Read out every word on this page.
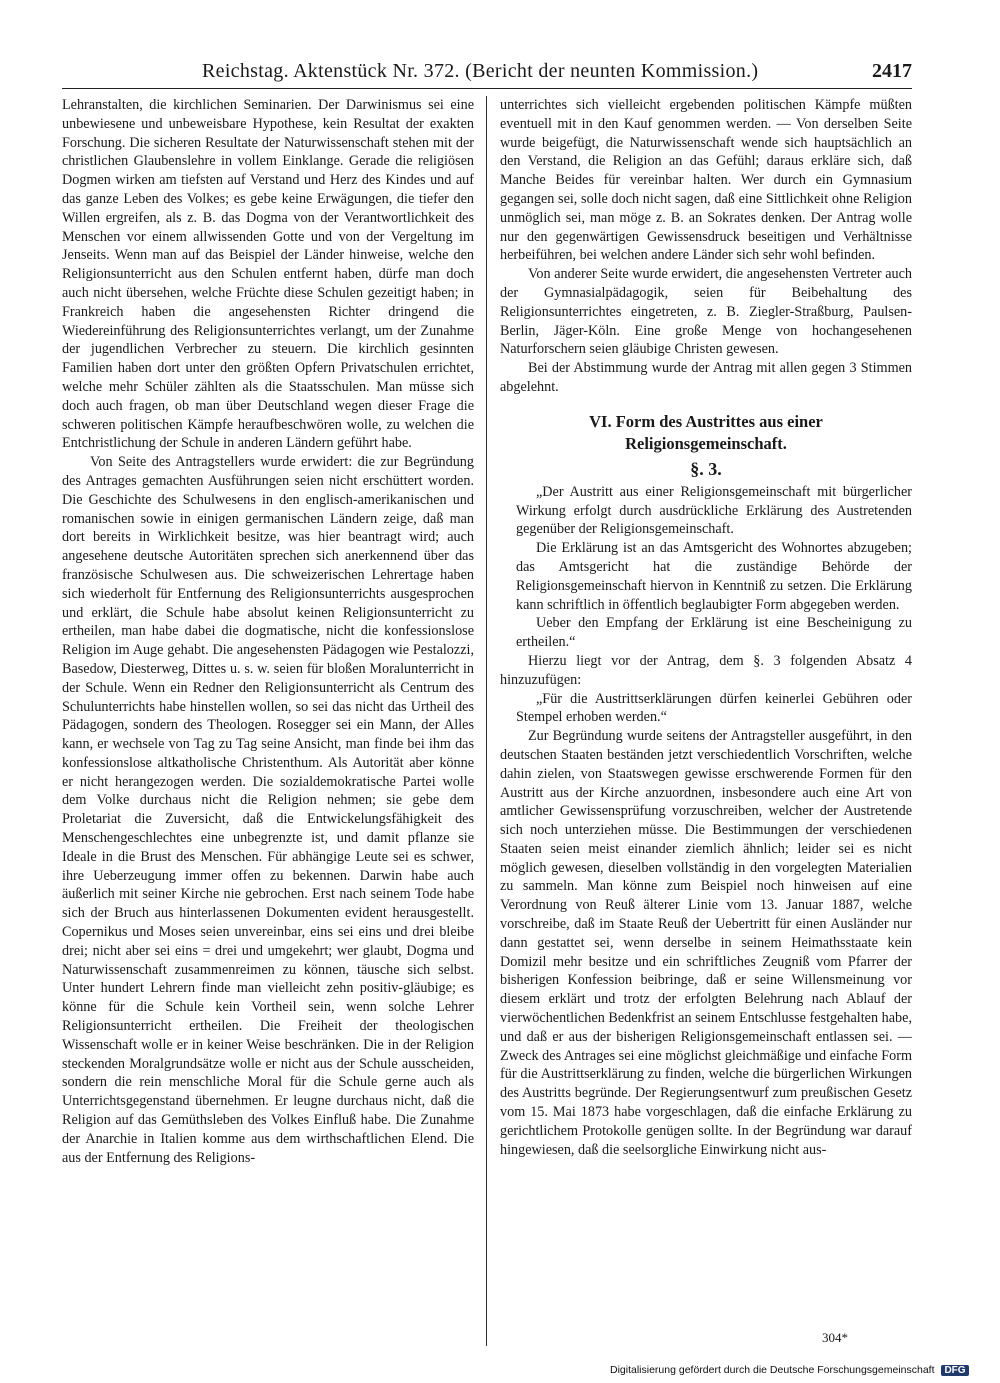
Reichstag. Aktenstück Nr. 372. (Bericht der neunten Kommission.)	2417

Lehranstalten, die kirchlichen Seminarien. Der Darwinismus sei eine unbewiesene und unbeweisbare Hypothese, kein Resultat der exakten Forschung. Die sicheren Resultate der Naturwissenschaft stehen mit der christlichen Glaubenslehre in vollem Einklange. Gerade die religiösen Dogmen wirken am tiefsten auf Verstand und Herz des Kindes und auf das ganze Leben des Volkes; es gebe keine Erwägungen, die tiefer den Willen ergreifen, als z. B. das Dogma von der Verantwortlichkeit des Menschen vor einem allwissenden Gotte und von der Vergeltung im Jenseits. Wenn man auf das Beispiel der Länder hinweise, welche den Religionsunterricht aus den Schulen entfernt haben, dürfe man doch auch nicht übersehen, welche Früchte diese Schulen gezeitigt haben; in Frankreich haben die angesehensten Richter dringend die Wiedereinführung des Religionsunterrichtes verlangt, um der Zunahme der jugendlichen Verbrecher zu steuern. Die kirchlich gesinnten Familien haben dort unter den größten Opfern Privatschulen errichtet, welche mehr Schüler zählten als die Staatsschulen. Man müsse sich doch auch fragen, ob man über Deutschland wegen dieser Frage die schweren politischen Kämpfe heraufbeschwören wolle, zu welchen die Entchristlichung der Schule in anderen Ländern geführt habe.

Von Seite des Antragstellers wurde erwidert: die zur Begründung des Antrages gemachten Ausführungen seien nicht erschüttert worden. Die Geschichte des Schulwesens in den englisch-amerikanischen und romanischen sowie in einigen germanischen Ländern zeige, daß man dort bereits in Wirklichkeit besitze, was hier beantragt wird; auch angesehene deutsche Autoritäten sprechen sich anerkennend über das französische Schulwesen aus. Die schweizerischen Lehrertage haben sich wiederholt für Entfernung des Religionsunterrichts ausgesprochen und erklärt, die Schule habe absolut keinen Religionsunterricht zu ertheilen, man habe dabei die dogmatische, nicht die konfessionslose Religion im Auge gehabt. Die angesehensten Pädagogen wie Pestalozzi, Basedow, Diesterweg, Dittes u. s. w. seien für bloßen Moralunterricht in der Schule. Wenn ein Redner den Religionsunterricht als Centrum des Schulunterrichts habe hinstellen wollen, so sei das nicht das Urtheil des Pädagogen, sondern des Theologen. Rosegger sei ein Mann, der Alles kann, er wechsele von Tag zu Tag seine Ansicht, man finde bei ihm das konfessionslose altkatholische Christenthum. Als Autorität aber könne er nicht herangezogen werden. Die sozialdemokratische Partei wolle dem Volke durchaus nicht die Religion nehmen; sie gebe dem Proletariat die Zuversicht, daß die Entwickelungsfähigkeit des Menschengeschlechtes eine unbegrenzte ist, und damit pflanze sie Ideale in die Brust des Menschen. Für abhängige Leute sei es schwer, ihre Ueberzeugung immer offen zu bekennen. Darwin habe auch äußerlich mit seiner Kirche nie gebrochen. Erst nach seinem Tode habe sich der Bruch aus hinterlassenen Dokumenten evident herausgestellt. Copernikus und Moses seien unvereinbar, eins sei eins und drei bleibe drei; nicht aber sei eins = drei und umgekehrt; wer glaubt, Dogma und Naturwissenschaft zusammenreimen zu können, täusche sich selbst. Unter hundert Lehrern finde man vielleicht zehn positiv-gläubige; es könne für die Schule kein Vortheil sein, wenn solche Lehrer Religionsunterricht ertheilen. Die Freiheit der theologischen Wissenschaft wolle er in keiner Weise beschränken. Die in der Religion steckenden Moralgrundsätze wolle er nicht aus der Schule ausscheiden, sondern die rein menschliche Moral für die Schule gerne auch als Unterrichtsgegenstand übernehmen. Er leugne durchaus nicht, daß die Religion auf das Gemüthsleben des Volkes Einfluß habe. Die Zunahme der Anarchie in Italien komme aus dem wirthschaftlichen Elend. Die aus der Entfernung des Religions-

unterrichtes sich vielleicht ergebenden politischen Kämpfe müßten eventuell mit in den Kauf genommen werden. — Von derselben Seite wurde beigefügt, die Naturwissenschaft wende sich hauptsächlich an den Verstand, die Religion an das Gefühl; daraus erkläre sich, daß Manche Beides für vereinbar halten. Wer durch ein Gymnasium gegangen sei, solle doch nicht sagen, daß eine Sittlichkeit ohne Religion unmöglich sei, man möge z. B. an Sokrates denken. Der Antrag wolle nur den gegenwärtigen Gewissensdruck beseitigen und Verhältnisse herbeiführen, bei welchen andere Länder sich sehr wohl befinden.

Von anderer Seite wurde erwidert, die angesehensten Vertreter auch der Gymnasialpädagogik, seien für Beibehaltung des Religionsunterrichtes eingetreten, z. B. Ziegler-Straßburg, Paulsen-Berlin, Jäger-Köln. Eine große Menge von hochangesehenen Naturforschern seien gläubige Christen gewesen.

Bei der Abstimmung wurde der Antrag mit allen gegen 3 Stimmen abgelehnt.

VI. Form des Austrittes aus einer
Religionsgemeinschaft.
§. 3.

„Der Austritt aus einer Religionsgemeinschaft mit bürgerlicher Wirkung erfolgt durch ausdrückliche Erklärung des Austretenden gegenüber der Religionsgemeinschaft.

Die Erklärung ist an das Amtsgericht des Wohnortes abzugeben; das Amtsgericht hat die zuständige Behörde der Religionsgemeinschaft hiervon in Kenntniß zu setzen. Die Erklärung kann schriftlich in öffentlich beglaubigter Form abgegeben werden.

Ueber den Empfang der Erklärung ist eine Bescheinigung zu ertheilen.“

Hierzu liegt vor der Antrag, dem §. 3 folgenden Absatz 4 hinzuzufügen:

„Für die Austrittserklärungen dürfen keinerlei Gebühren oder Stempel erhoben werden.“

Zur Begründung wurde seitens der Antragsteller ausgeführt, in den deutschen Staaten beständen jetzt verschiedentlich Vorschriften, welche dahin zielen, von Staatswegen gewisse erschwerende Formen für den Austritt aus der Kirche anzuordnen, insbesondere auch eine Art von amtlicher Gewissensprüfung vorzuschreiben, welcher der Austretende sich noch unterziehen müsse. Die Bestimmungen der verschiedenen Staaten seien meist einander ziemlich ähnlich; leider sei es nicht möglich gewesen, dieselben vollständig in den vorgelegten Materialien zu sammeln. Man könne zum Beispiel noch hinweisen auf eine Verordnung von Reuß älterer Linie vom 13. Januar 1887, welche vorschreibe, daß im Staate Reuß der Uebertritt für einen Ausländer nur dann gestattet sei, wenn derselbe in seinem Heimathsstaate kein Domizil mehr besitze und ein schriftliches Zeugniß vom Pfarrer der bisherigen Konfession beibringe, daß er seine Willensmeinung vor diesem erklärt und trotz der erfolgten Belehrung nach Ablauf der vierwöchentlichen Bedenkfrist an seinem Entschlusse festgehalten habe, und daß er aus der bisherigen Religionsgemeinschaft entlassen sei. — Zweck des Antrages sei eine möglichst gleichmäßige und einfache Form für die Austrittserklärung zu finden, welche die bürgerlichen Wirkungen des Austritts begründe. Der Regierungsentwurf zum preußischen Gesetz vom 15. Mai 1873 habe vorgeschlagen, daß die einfache Erklärung zu gerichtlichem Protokolle genügen sollte. In der Begründung war darauf hingewiesen, daß die seelsorgliche Einwirkung nicht aus-

304*
Digitalisierung gefördert durch die Deutsche Forschungsgemeinschaft DFG
